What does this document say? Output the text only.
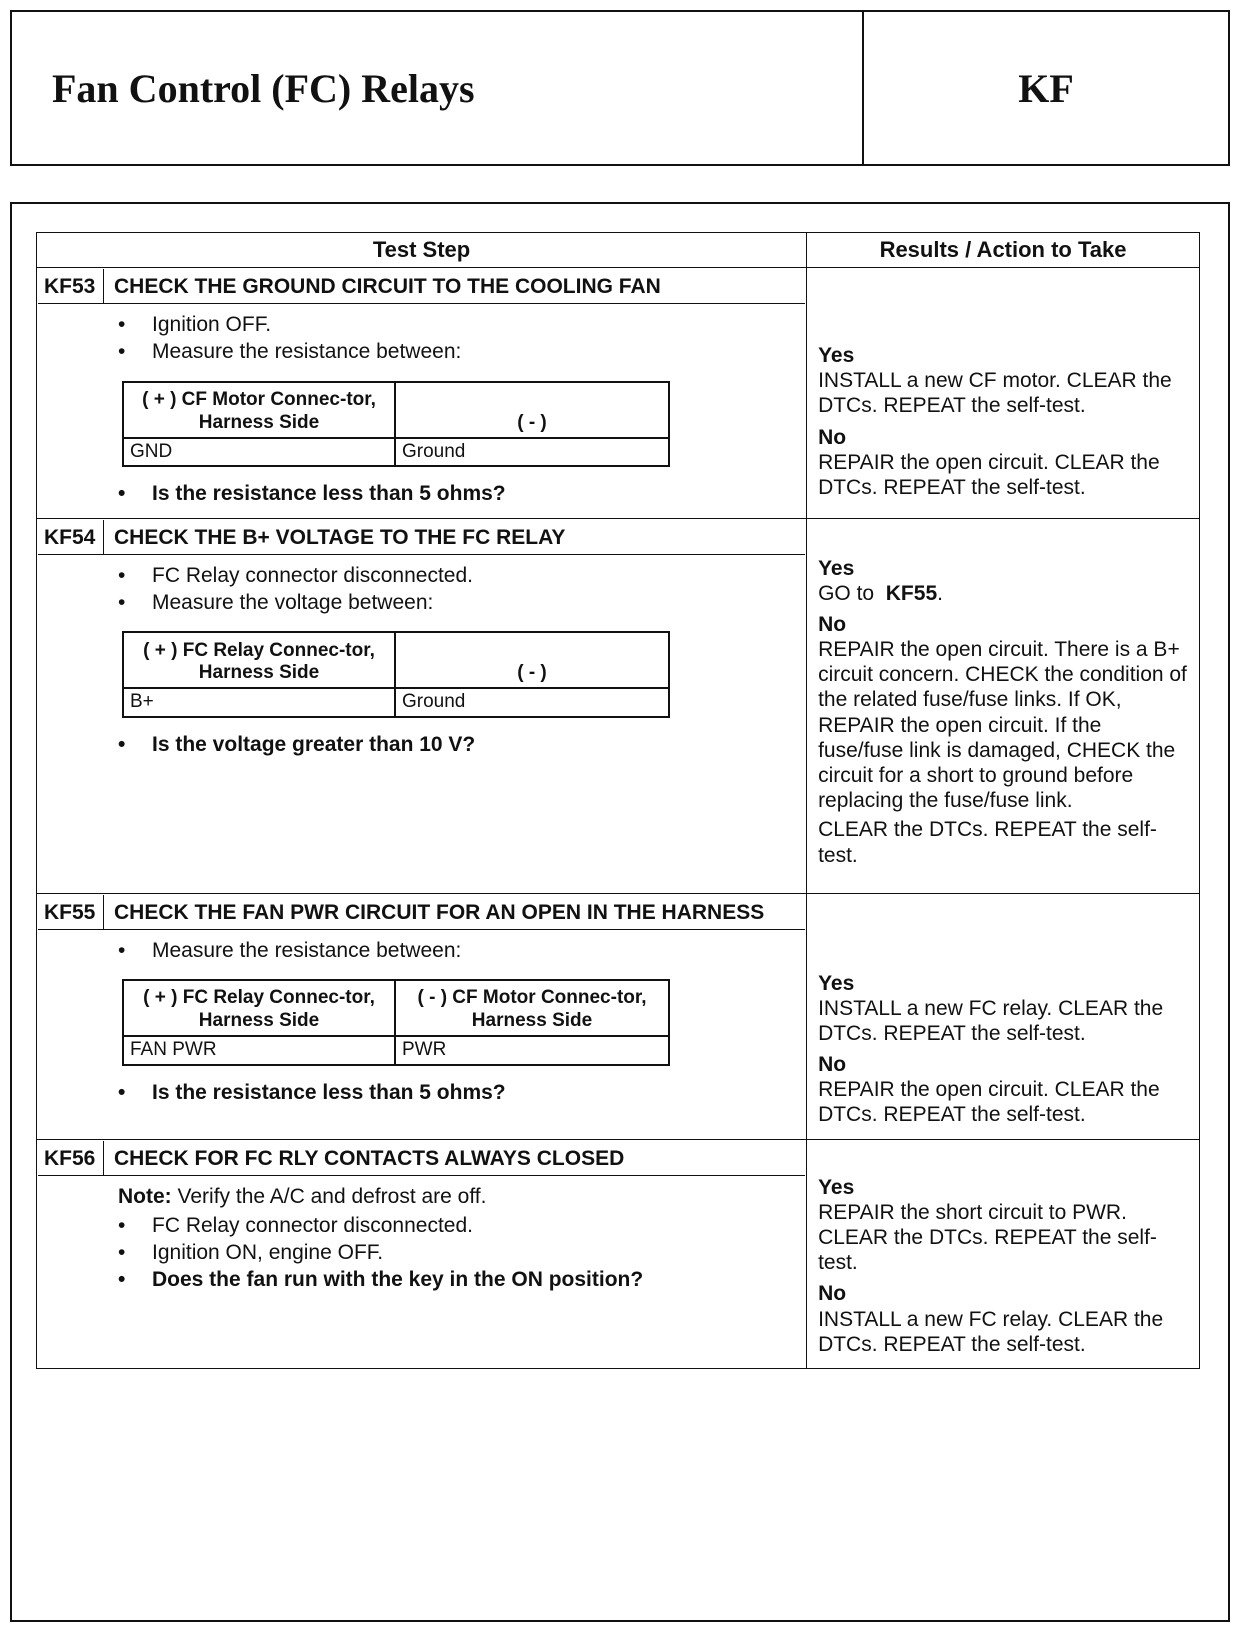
Fan Control (FC) Relays	KF
Test Step	Results / Action to Take

KF53 CHECK THE GROUND CIRCUIT TO THE COOLING FAN
• Ignition OFF.
• Measure the resistance between:
( + ) CF Motor Connec-tor, Harness Side	( - )
GND	Ground
• Is the resistance less than 5 ohms?

Yes
INSTALL a new CF motor. CLEAR the DTCs. REPEAT the self-test.
No
REPAIR the open circuit. CLEAR the DTCs. REPEAT the self-test.

KF54 CHECK THE B+ VOLTAGE TO THE FC RELAY
• FC Relay connector disconnected.
• Measure the voltage between:
( + ) FC Relay Connec-tor, Harness Side	( - )
B+	Ground
• Is the voltage greater than 10 V?

Yes
GO to KF55.
No
REPAIR the open circuit. There is a B+ circuit concern. CHECK the condition of the related fuse/fuse links. If OK, REPAIR the open circuit. If the fuse/fuse link is damaged, CHECK the circuit for a short to ground before replacing the fuse/fuse link.
CLEAR the DTCs. REPEAT the self-test.

KF55 CHECK THE FAN PWR CIRCUIT FOR AN OPEN IN THE HARNESS
• Measure the resistance between:
( + ) FC Relay Connec-tor, Harness Side	( - ) CF Motor Connec-tor, Harness Side
FAN PWR	PWR
• Is the resistance less than 5 ohms?

Yes
INSTALL a new FC relay. CLEAR the DTCs. REPEAT the self-test.
No
REPAIR the open circuit. CLEAR the DTCs. REPEAT the self-test.

KF56 CHECK FOR FC RLY CONTACTS ALWAYS CLOSED
Note: Verify the A/C and defrost are off.
• FC Relay connector disconnected.
• Ignition ON, engine OFF.
• Does the fan run with the key in the ON position?

Yes
REPAIR the short circuit to PWR. CLEAR the DTCs. REPEAT the self-test.
No
INSTALL a new FC relay. CLEAR the DTCs. REPEAT the self-test.
